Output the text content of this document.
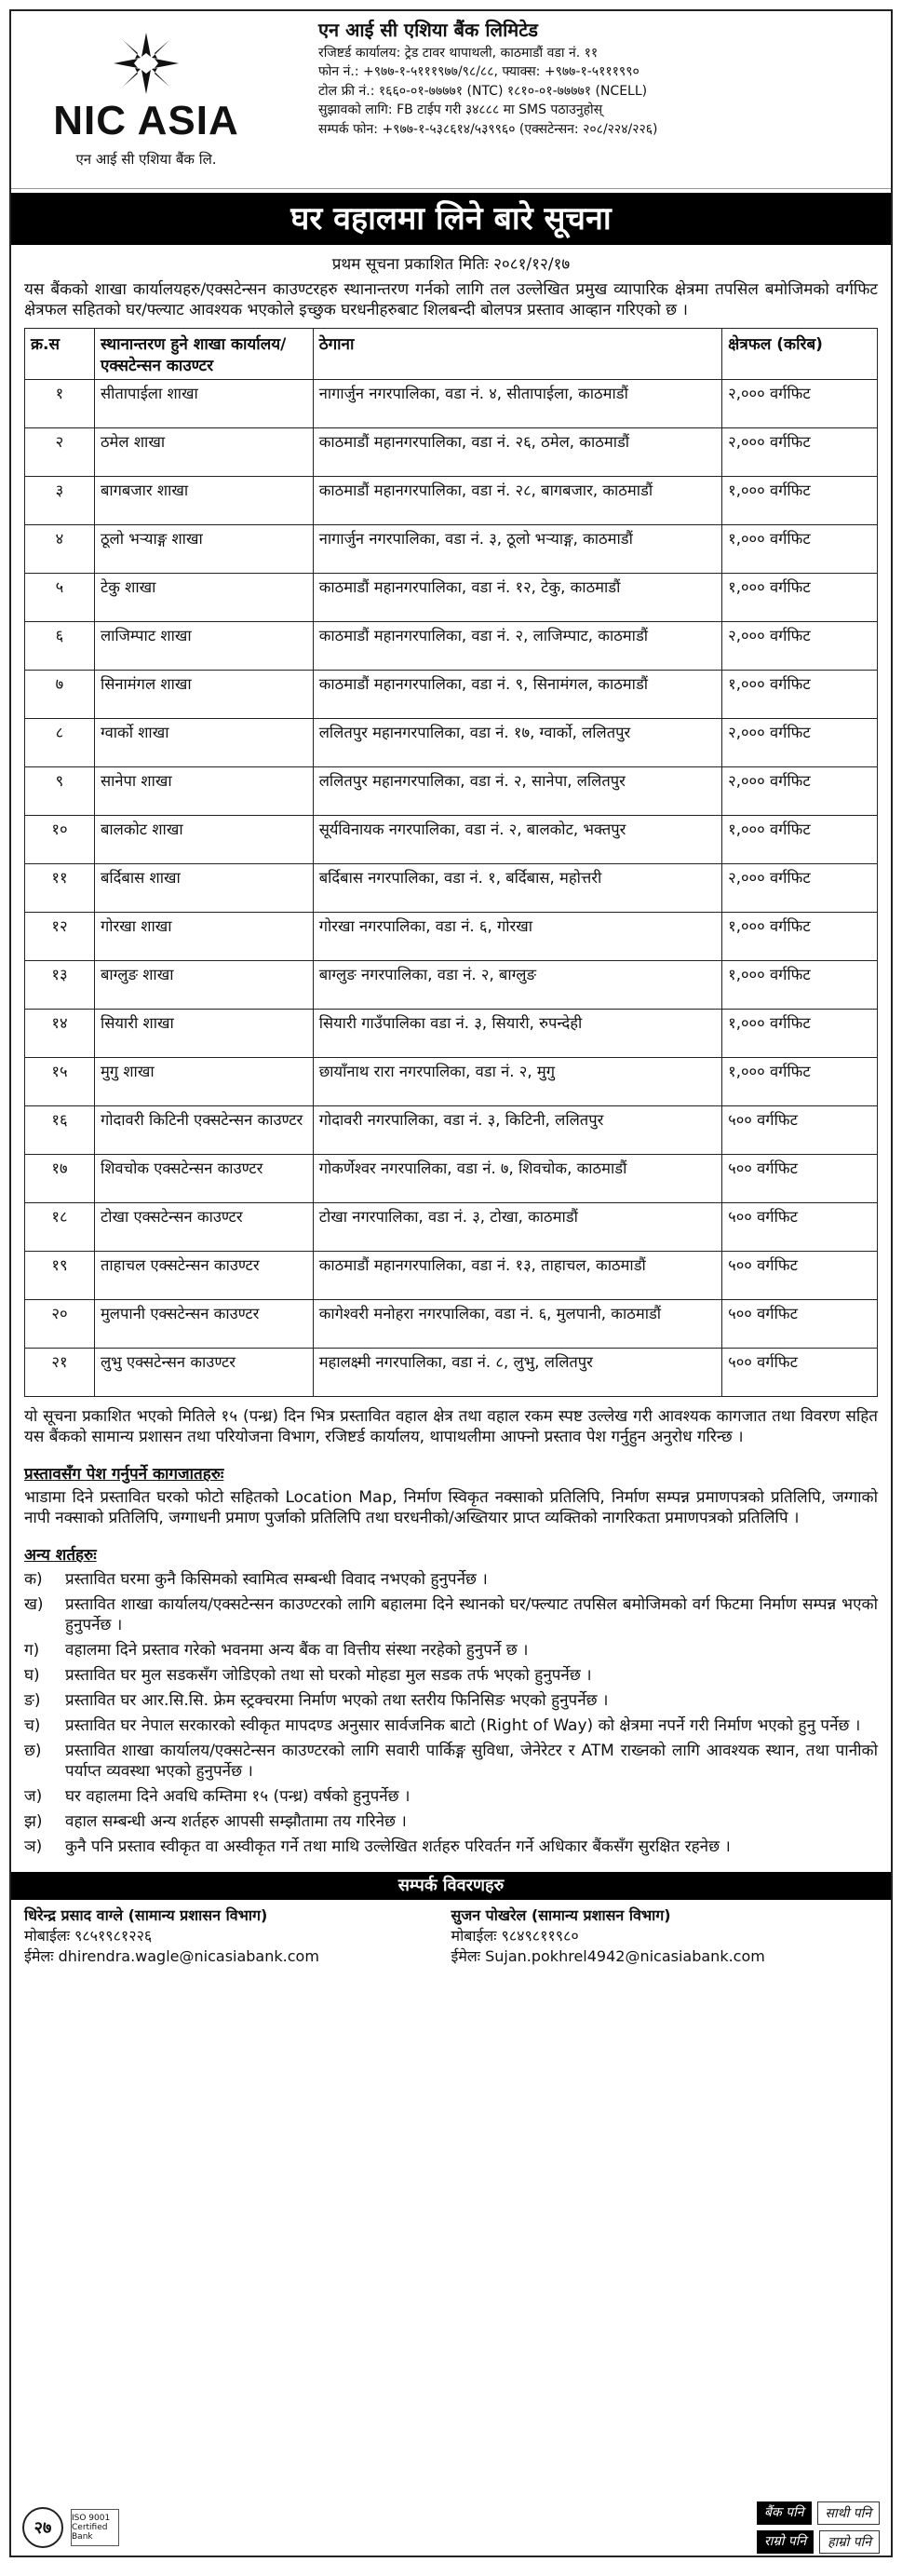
NIC ASIA
एन आई सी एशिया बैंक लि.
एन आई सी एशिया बैंक लिमिटेड
रजिष्टर्ड कार्यालय: ट्रेड टावर थापाथली, काठमाडौं वडा नं. ११
फोन नं.: +९७७-१-५१११९७७/९८/८८, फ्याक्स: +९७७-१-५१११९९०
टोल फ्री नं.: १६६०-०१-७७७७१ (NTC) १८१०-०१-७७७७१ (NCELL)
सुझावको लागि: FB टाईप गरी ३४८८८ मा SMS पठाउनुहोस्
सम्पर्क फोन: +९७७-१-५३८६१४/५३९९६० (एक्सटेन्सन: २०८/२२४/२२६)
घर वहालमा लिने बारे सूचना
प्रथम सूचना प्रकाशित मितिः २०८१/१२/१७
यस बैंकको शाखा कार्यालयहरु/एक्सटेन्सन काउण्टरहरु स्थानान्तरण गर्नको लागि तल उल्लेखित प्रमुख व्यापारिक क्षेत्रमा तपसिल बमोजिमको वर्गफिट क्षेत्रफल सहितको घर/फ्ल्याट आवश्यक भएकोले इच्छुक घरधनीहरुबाट शिलबन्दी बोलपत्र प्रस्ताव आव्हान गरिएको छ ।
क्र.स	स्थानान्तरण हुने शाखा कार्यालय/एक्सटेन्सन काउण्टर	ठेगाना	क्षेत्रफल (करिब)
१	सीतापाईला शाखा	नागार्जुन नगरपालिका, वडा नं. ४, सीतापाईला, काठमाडौं	२,००० वर्गफिट
२	ठमेल शाखा	काठमाडौं महानगरपालिका, वडा नं. २६, ठमेल, काठमाडौं	२,००० वर्गफिट
३	बागबजार शाखा	काठमाडौं महानगरपालिका, वडा नं. २८, बागबजार, काठमाडौं	१,००० वर्गफिट
४	ठूलो भऱ्याङ्ग शाखा	नागार्जुन नगरपालिका, वडा नं. ३, ठूलो भऱ्याङ्ग, काठमाडौं	१,००० वर्गफिट
५	टेकु शाखा	काठमाडौं महानगरपालिका, वडा नं. १२, टेकु, काठमाडौं	१,००० वर्गफिट
६	लाजिम्पाट शाखा	काठमाडौं महानगरपालिका, वडा नं. २, लाजिम्पाट, काठमाडौं	२,००० वर्गफिट
७	सिनामंगल शाखा	काठमाडौं महानगरपालिका, वडा नं. ९, सिनामंगल, काठमाडौं	१,००० वर्गफिट
८	ग्वार्को शाखा	ललितपुर महानगरपालिका, वडा नं. १७, ग्वार्को, ललितपुर	२,००० वर्गफिट
९	सानेपा शाखा	ललितपुर महानगरपालिका, वडा नं. २, सानेपा, ललितपुर	२,००० वर्गफिट
१०	बालकोट शाखा	सूर्यविनायक नगरपालिका, वडा नं. २, बालकोट, भक्तपुर	१,००० वर्गफिट
११	बर्दिबास शाखा	बर्दिबास नगरपालिका, वडा नं. १, बर्दिबास, महोत्तरी	२,००० वर्गफिट
१२	गोरखा शाखा	गोरखा नगरपालिका, वडा नं. ६, गोरखा	१,००० वर्गफिट
१३	बाग्लुङ शाखा	बाग्लुङ नगरपालिका, वडा नं. २, बाग्लुङ	१,००० वर्गफिट
१४	सियारी शाखा	सियारी गाउँपालिका वडा नं. ३, सियारी, रुपन्देही	१,००० वर्गफिट
१५	मुगु शाखा	छायाँनाथ रारा नगरपालिका, वडा नं. २, मुगु	१,००० वर्गफिट
१६	गोदावरी किटिनी एक्सटेन्सन काउण्टर	गोदावरी नगरपालिका, वडा नं. ३, किटिनी, ललितपुर	५०० वर्गफिट
१७	शिवचोक एक्सटेन्सन काउण्टर	गोकर्णेश्वर नगरपालिका, वडा नं. ७, शिवचोक, काठमाडौं	५०० वर्गफिट
१८	टोखा एक्सटेन्सन काउण्टर	टोखा नगरपालिका, वडा नं. ३, टोखा, काठमाडौं	५०० वर्गफिट
१९	ताहाचल एक्सटेन्सन काउण्टर	काठमाडौं महानगरपालिका, वडा नं. १३, ताहाचल, काठमाडौं	५०० वर्गफिट
२०	मुलपानी एक्सटेन्सन काउण्टर	कागेश्वरी मनोहरा नगरपालिका, वडा नं. ६, मुलपानी, काठमाडौं	५०० वर्गफिट
२१	लुभु एक्सटेन्सन काउण्टर	महालक्ष्मी नगरपालिका, वडा नं. ८, लुभु, ललितपुर	५०० वर्गफिट
यो सूचना प्रकाशित भएको मितिले १५ (पन्ध्र) दिन भित्र प्रस्तावित वहाल क्षेत्र तथा वहाल रकम स्पष्ट उल्लेख गरी आवश्यक कागजात तथा विवरण सहित यस बैंकको सामान्य प्रशासन तथा परियोजना विभाग, रजिष्टर्ड कार्यालय, थापाथलीमा आफ्नो प्रस्ताव पेश गर्नुहुन अनुरोध गरिन्छ ।
प्रस्तावसँग पेश गर्नुपर्ने कागजातहरुः
भाडामा दिने प्रस्तावित घरको फोटो सहितको Location Map, निर्माण स्विकृत नक्साको प्रतिलिपि, निर्माण सम्पन्न प्रमाणपत्रको प्रतिलिपि, जग्गाको नापी नक्साको प्रतिलिपि, जग्गाधनी प्रमाण पुर्जाको प्रतिलिपि तथा घरधनीको/अख्तियार प्राप्त व्यक्तिको नागरिकता प्रमाणपत्रको प्रतिलिपि ।
अन्य शर्तहरुः
क)	प्रस्तावित घरमा कुनै किसिमको स्वामित्व सम्बन्धी विवाद नभएको हुनुपर्नेछ ।
ख)	प्रस्तावित शाखा कार्यालय/एक्सटेन्सन काउण्टरको लागि बहालमा दिने स्थानको घर/फ्ल्याट तपसिल बमोजिमको वर्ग फिटमा निर्माण सम्पन्न भएको हुनुपर्नेछ ।
ग)	वहालमा दिने प्रस्ताव गरेको भवनमा अन्य बैंक वा वित्तीय संस्था नरहेको हुनुपर्ने छ ।
घ)	प्रस्तावित घर मुल सडकसँग जोडिएको तथा सो घरको मोहडा मुल सडक तर्फ भएको हुनुपर्नेछ ।
ङ)	प्रस्तावित घर आर.सि.सि. फ्रेम स्ट्रक्चरमा निर्माण भएको तथा स्तरीय फिनिसिङ भएको हुनुपर्नेछ ।
च)	प्रस्तावित घर नेपाल सरकारको स्वीकृत मापदण्ड अनुसार सार्वजनिक बाटो (Right of Way) को क्षेत्रमा नपर्ने गरी निर्माण भएको हुनु पर्नेछ ।
छ)	प्रस्तावित शाखा कार्यालय/एक्सटेन्सन काउण्टरको लागि सवारी पार्किङ्ग सुविधा, जेनेरेटर र ATM राख्नको लागि आवश्यक स्थान, तथा पानीको पर्याप्त व्यवस्था भएको हुनुपर्नेछ ।
ज)	घर वहालमा दिने अवधि कम्तिमा १५ (पन्ध्र) वर्षको हुनुपर्नेछ ।
झ)	वहाल सम्बन्धी अन्य शर्तहरु आपसी सम्झौतामा तय गरिनेछ ।
ञ)	कुनै पनि प्रस्ताव स्वीकृत वा अस्वीकृत गर्ने तथा माथि उल्लेखित शर्तहरु परिवर्तन गर्ने अधिकार बैंकसँग सुरक्षित रहनेछ ।
सम्पर्क विवरणहरु
धिरेन्द्र प्रसाद वाग्ले (सामान्य प्रशासन विभाग)
मोबाईलः ९८५१९८१२२६
ईमेलः dhirendra.wagle@nicasiabank.com
सुजन पोखरेल (सामान्य प्रशासन विभाग)
मोबाईलः ९८४९८११९८०
ईमेलः Sujan.pokhrel4942@nicasiabank.com
२७	ISO 9001 Certified Bank
बैंक पनि	साथी पनि
राम्रो पनि	हाम्रो पनि
